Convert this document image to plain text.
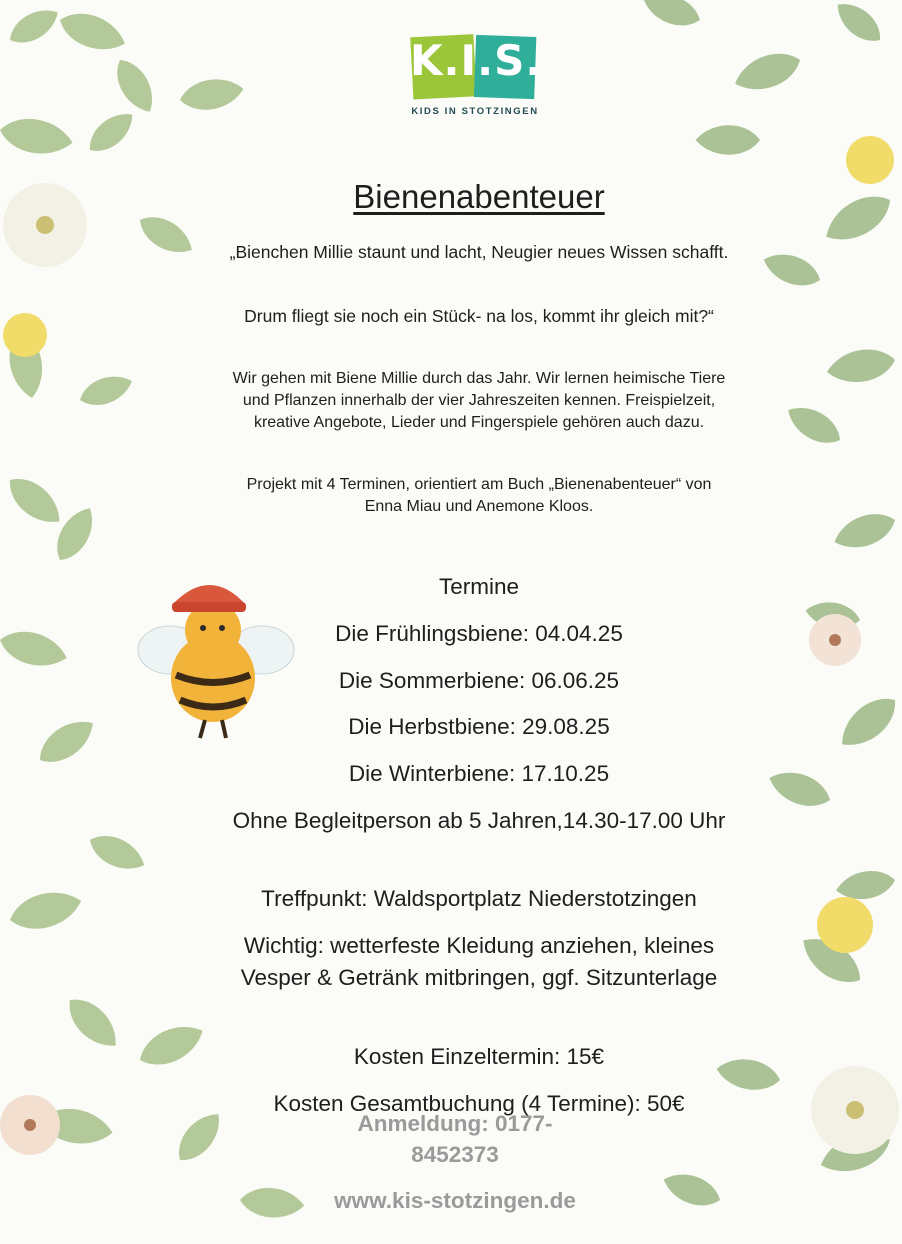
K.I.S.
KIDS IN STOTZINGEN
Bienenabenteuer
„Bienchen Millie staunt und lacht, Neugier neues Wissen schafft.
Drum fliegt sie noch ein Stück- na los, kommt ihr gleich mit?“
Wir gehen mit Biene Millie durch das Jahr. Wir lernen heimische Tiere und Pflanzen innerhalb der vier Jahreszeiten kennen. Freispielzeit, kreative Angebote, Lieder und Fingerspiele gehören auch dazu.
Projekt mit 4 Terminen, orientiert am Buch „Bienenabenteuer“ von Enna Miau und Anemone Kloos.
Termine
Die Frühlingsbiene: 04.04.25
Die Sommerbiene: 06.06.25
Die Herbstbiene: 29.08.25
Die Winterbiene: 17.10.25
Ohne Begleitperson ab 5 Jahren,14.30-17.00 Uhr
Treffpunkt: Waldsportplatz Niederstotzingen
Wichtig: wetterfeste Kleidung anziehen, kleines Vesper & Getränk mitbringen, ggf. Sitzunterlage
Kosten Einzeltermin: 15€
Kosten Gesamtbuchung (4 Termine): 50€
Anmeldung: 0177-8452373
www.kis-stotzingen.de
